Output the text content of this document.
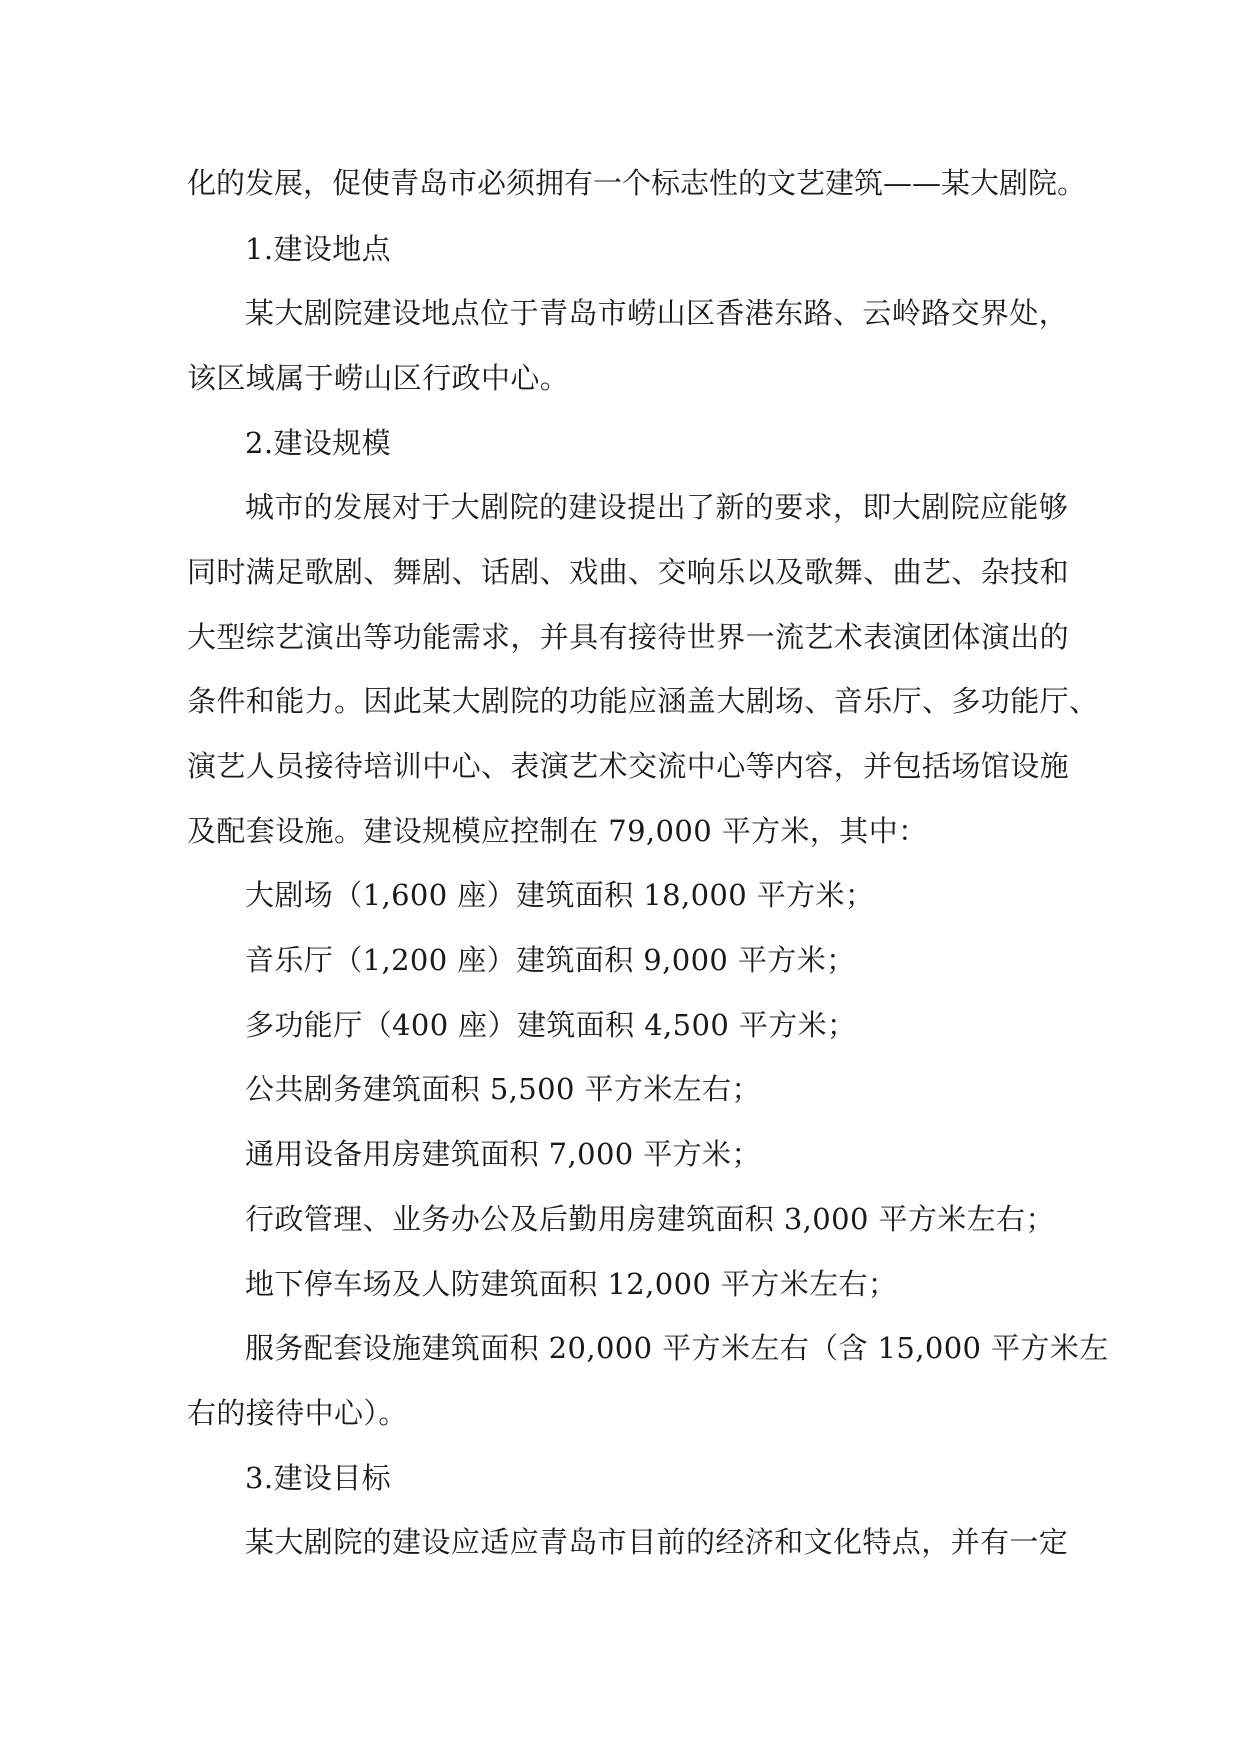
化的发展，促使青岛市必须拥有一个标志性的文艺建筑——某大剧院。
1.建设地点
某大剧院建设地点位于青岛市崂山区香港东路、云岭路交界处，
该区域属于崂山区行政中心。
2.建设规模
城市的发展对于大剧院的建设提出了新的要求，即大剧院应能够
同时满足歌剧、舞剧、话剧、戏曲、交响乐以及歌舞、曲艺、杂技和
大型综艺演出等功能需求，并具有接待世界一流艺术表演团体演出的
条件和能力。因此某大剧院的功能应涵盖大剧场、音乐厅、多功能厅、
演艺人员接待培训中心、表演艺术交流中心等内容，并包括场馆设施
及配套设施。建设规模应控制在 79,000 平方米，其中：
大剧场（1,600 座）建筑面积 18,000 平方米；
音乐厅（1,200 座）建筑面积 9,000 平方米；
多功能厅（400 座）建筑面积 4,500 平方米；
公共剧务建筑面积 5,500 平方米左右；
通用设备用房建筑面积 7,000 平方米；
行政管理、业务办公及后勤用房建筑面积 3,000 平方米左右；
地下停车场及人防建筑面积 12,000 平方米左右；
服务配套设施建筑面积 20,000 平方米左右（含 15,000 平方米左
右的接待中心）。
3.建设目标
某大剧院的建设应适应青岛市目前的经济和文化特点，并有一定
